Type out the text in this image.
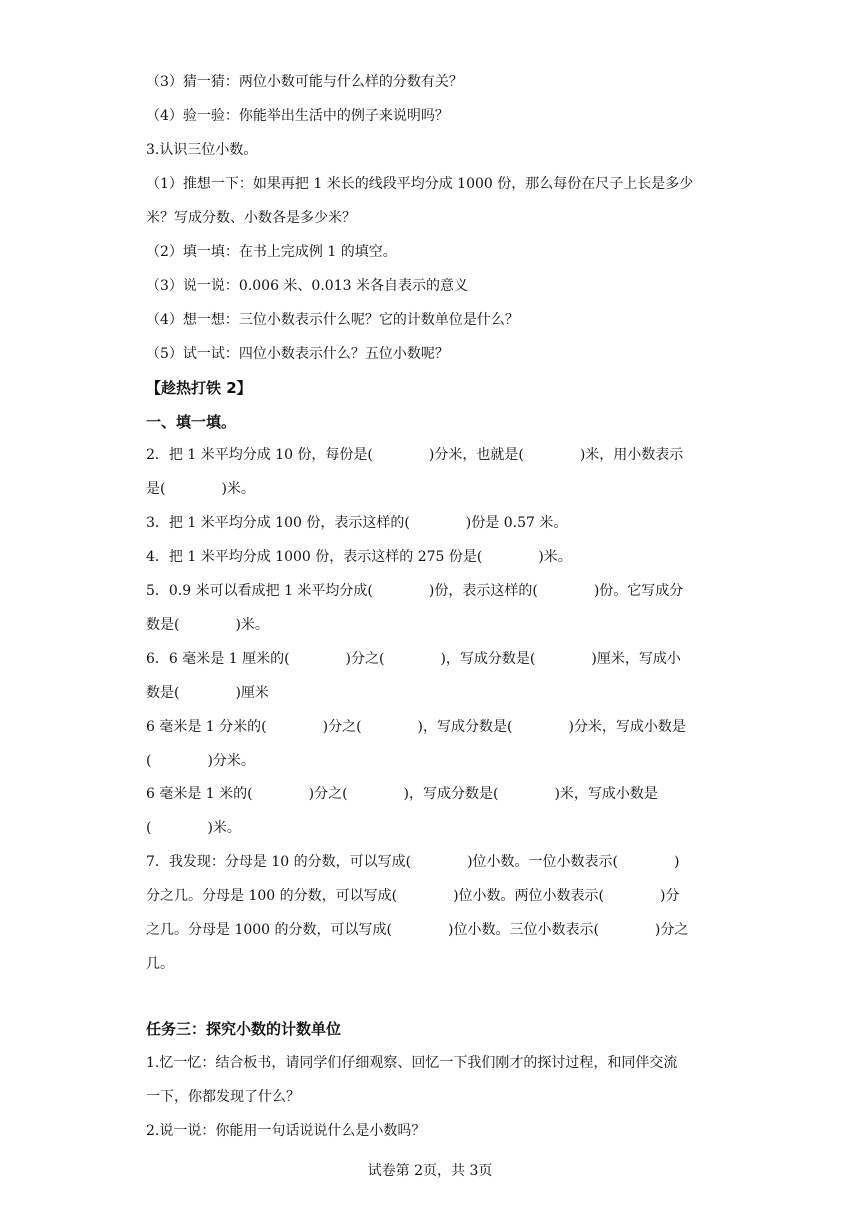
（3）猜一猜：两位小数可能与什么样的分数有关？
（4）验一验：你能举出生活中的例子来说明吗？
3.认识三位小数。
（1）推想一下：如果再把 1 米长的线段平均分成 1000 份，那么每份在尺子上长是多少
米？写成分数、小数各是多少米？
（2）填一填：在书上完成例 1 的填空。
（3）说一说：0.006 米、0.013 米各自表示的意义
（4）想一想：三位小数表示什么呢？它的计数单位是什么？
（5）试一试：四位小数表示什么？五位小数呢？
【趁热打铁 2】
一、填一填。
2．把 1 米平均分成 10 份，每份是(　　　　)分米，也就是(　　　　)米，用小数表示
是(　　　　)米。
3．把 1 米平均分成 100 份，表示这样的(　　　　)份是 0.57 米。
4．把 1 米平均分成 1000 份，表示这样的 275 份是(　　　　)米。
5．0.9 米可以看成把 1 米平均分成(　　　　)份，表示这样的(　　　　)份。它写成分
数是(　　　　)米。
6．6 毫米是 1 厘米的(　　　　)分之(　　　　)，写成分数是(　　　　)厘米，写成小
数是(　　　　)厘米
6 毫米是 1 分米的(　　　　)分之(　　　　)，写成分数是(　　　　)分米，写成小数是
(　　　　)分米。
6 毫米是 1 米的(　　　　)分之(　　　　)，写成分数是(　　　　)米，写成小数是
(　　　　)米。
7．我发现：分母是 10 的分数，可以写成(　　　　)位小数。一位小数表示(　　　　)
分之几。分母是 100 的分数，可以写成(　　　　)位小数。两位小数表示(　　　　)分
之几。分母是 1000 的分数，可以写成(　　　　)位小数。三位小数表示(　　　　)分之
几。
任务三：探究小数的计数单位
1.忆一忆：结合板书，请同学们仔细观察、回忆一下我们刚才的探讨过程，和同伴交流
一下，你都发现了什么？
2.说一说：你能用一句话说说什么是小数吗？
试卷第 2页，共 3页
